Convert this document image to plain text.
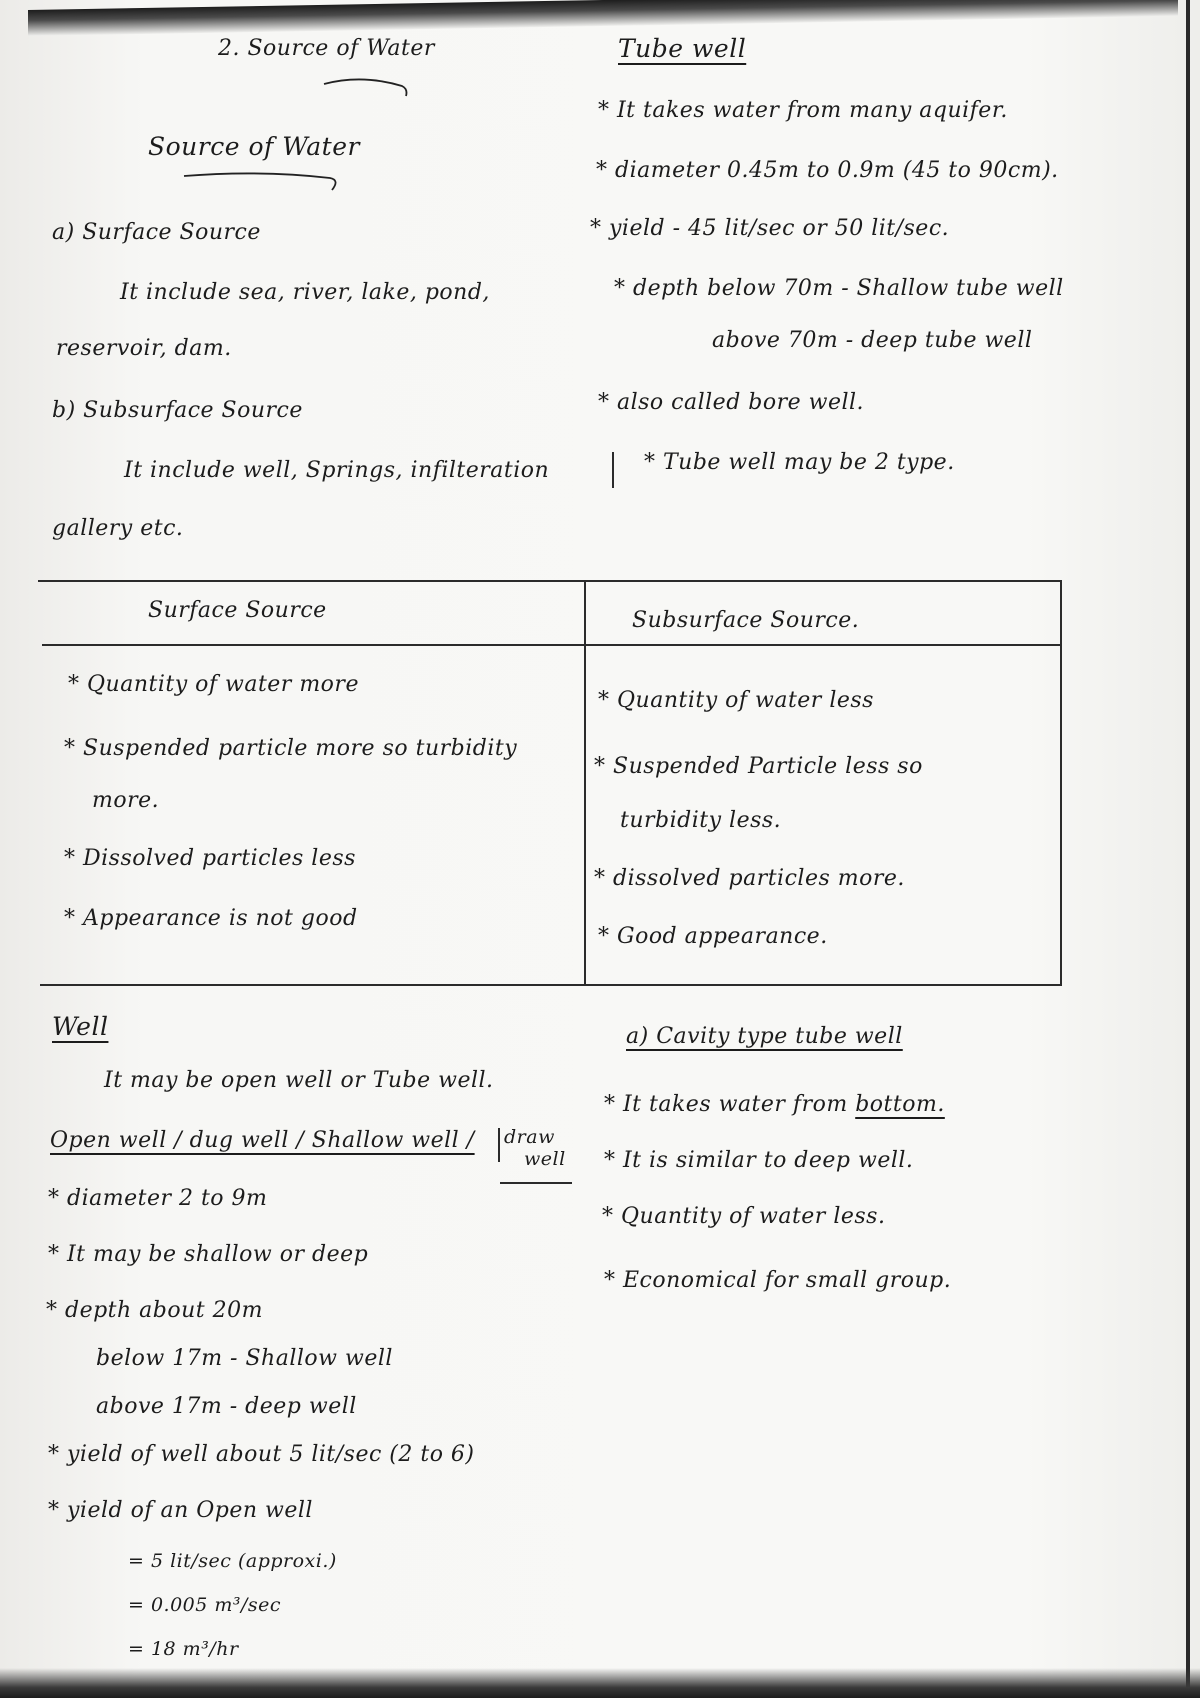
2. Source of Water
Source of Water
a) Surface Source
It include sea, river, lake, pond,
reservoir, dam.
b) Subsurface Source
It include well, Springs, infilteration
gallery etc.
Tube well
* It takes water from many aquifer.
* diameter 0.45m to 0.9m (45 to 90cm).
* yield - 45 lit/sec or 50 lit/sec.
* depth below 70m - Shallow tube well
above 70m - deep tube well
* also called bore well.
* Tube well may be 2 type.
Surface Source	Subsurface Source.
* Quantity of water more
* Suspended particle more so turbidity
more.
* Dissolved particles less
* Appearance is not good
* Quantity of water less
* Suspended Particle less so
turbidity less.
* dissolved particles more.
* Good appearance.
Well
It may be open well or Tube well.
Open well / dug well / Shallow well / draw
well
* diameter 2 to 9m
* It may be shallow or deep
* depth about 20m
below 17m - Shallow well
above 17m - deep well
* yield of well about 5 lit/sec (2 to 6)
* yield of an Open well
= 5 lit/sec (approxi.)
= 0.005 m³/sec
= 18 m³/hr
a) Cavity type tube well
* It takes water from bottom.
* It is similar to deep well.
* Quantity of water less.
* Economical for small group.
